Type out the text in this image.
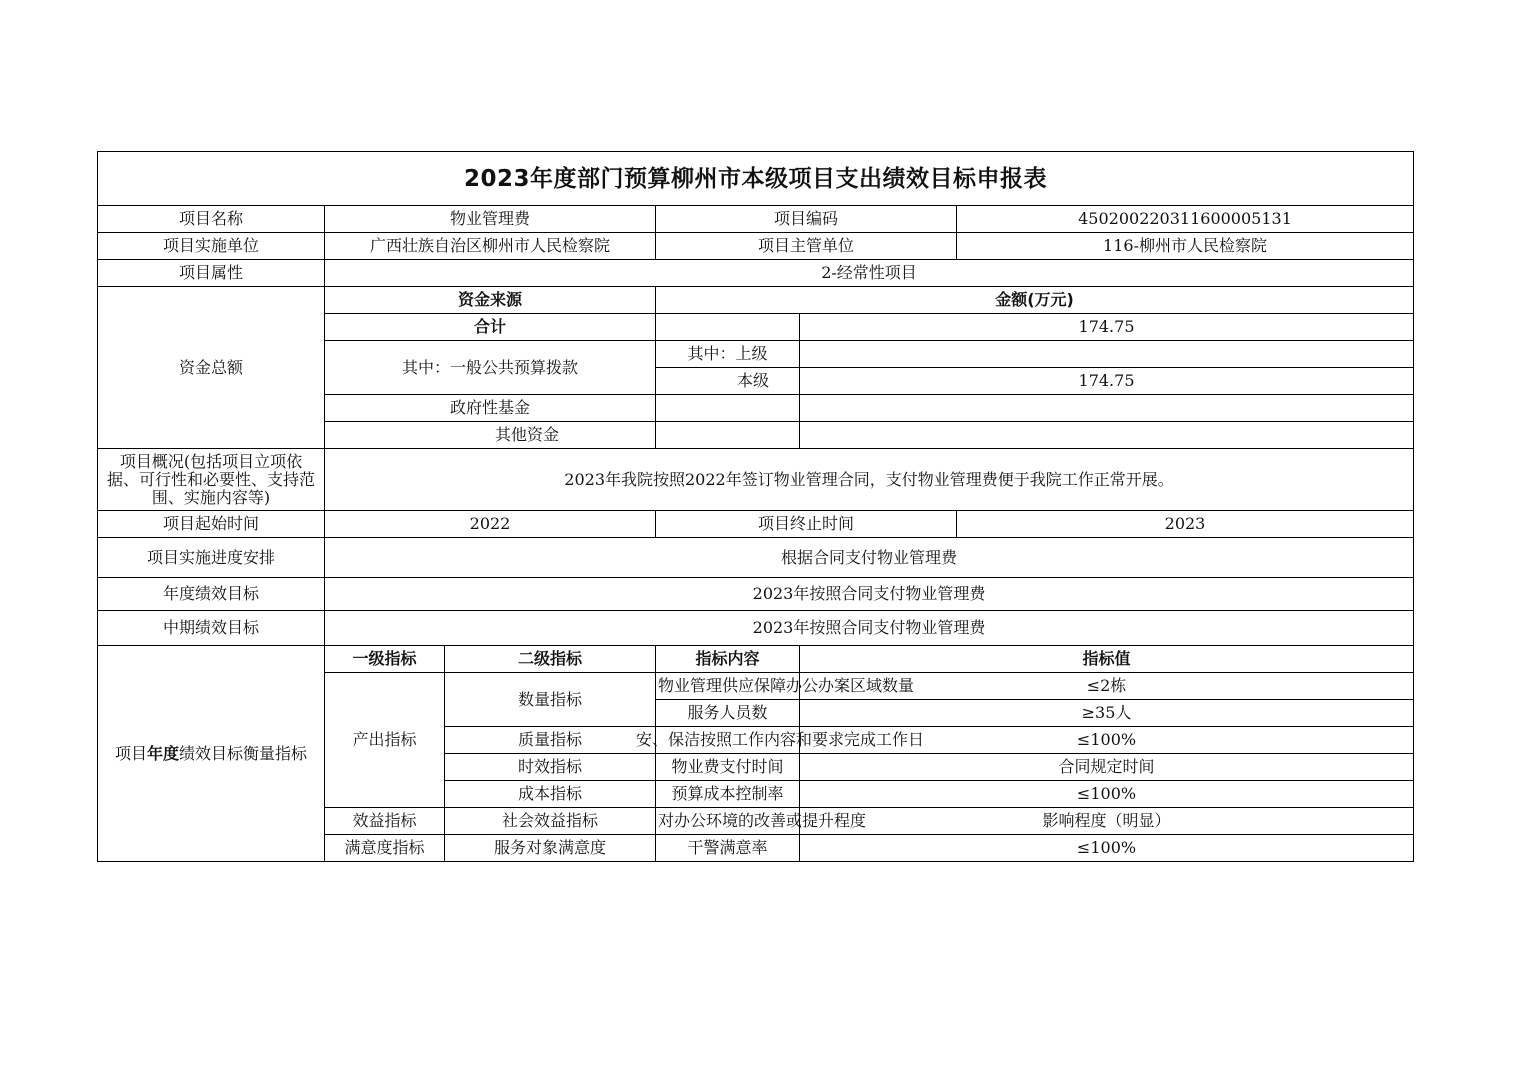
2023年度部门预算柳州市本级项目支出绩效目标申报表					
项目名称	物业管理费		项目编码		450200220311600005131
项目实施单位	广西壮族自治区柳州市人民检察院		项目主管单位		116-柳州市人民检察院
项目属性	2-经常性项目				
资金总额	资金来源		金额(万元)		
	合计			174.75	
	其中：一般公共预算拨款		其中：上级		
			本级	174.75	
	政府性基金				
	其他资金				
项目概况(包括项目立项依据、可行性和必要性、支持范围、实施内容等)	2023年我院按照2022年签订物业管理合同，支付物业管理费便于我院工作正常开展。				
项目起始时间	2022		项目终止时间		2023
项目实施进度安排	根据合同支付物业管理费				
年度绩效目标	2023年按照合同支付物业管理费				
中期绩效目标	2023年按照合同支付物业管理费				
项目年度绩效目标衡量指标	一级指标	二级指标	指标内容	指标值	
	产出指标	数量指标	物业管理供应保障办公办案区域数量	≤2栋	
			服务人员数	≥35人	
		质量指标	安、保洁按照工作内容和要求完成工作日	≤100%	
		时效指标	物业费支付时间	合同规定时间	
		成本指标	预算成本控制率	≤100%	
	效益指标	社会效益指标	对办公环境的改善或提升程度	影响程度（明显）	
	满意度指标	服务对象满意度	干警满意率	≤100%	
